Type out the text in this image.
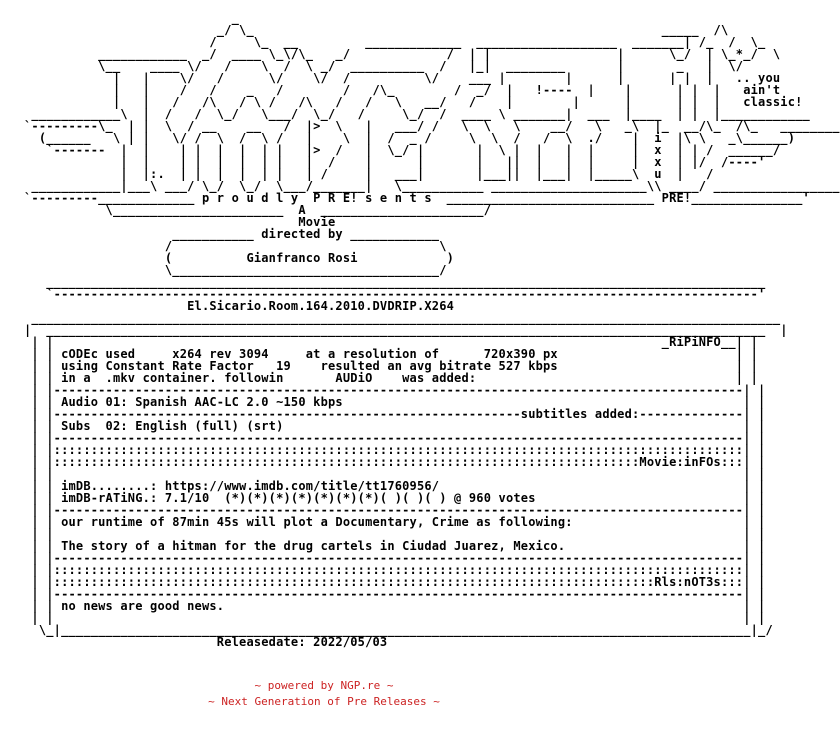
_
_/ \_                                                       _____  /\
/     \_  __         _____________  ___________________  _______| /_  /  \_
____________  _/  ____ \_\/\_   _/             /  | |                 |      \_/  | \_*_/  \
\__    ____ \/   /    \  /  \ _/  __________  /   |_|  ________       |       _   |  \/
|   |    \/   /      \/    \/  /          \/    ___ |        |      |      | |  |   .. you
|   |    /   /    _   /        /   /\_        /  _/  |   !----  |    |      | |  |   ain't
|   |   /   /\   / \ /   /\   /   /   \   __/   /    |        |      |      | |  |   classic!
____________\  |  /   /  \_/   \___/  \_/   /     \_/  /  ____ \ _______|  ___  |____  | |  |____________
`---------\_  | |  \  / __    __   /  |>  \   |   ___/ /   \  \   \    __/   \   _\  |_  __/\_  /\_   ________
(______   \ | |   \/ /  \  /  \ /   |    \  |  /  _ /     \  \  /   /  \  ./    |  i  |\ \   _\______)
`-------  |  |    | |  |  |  | |   |>  /   |  \_/ |       |  \ |  |   |  |     |  x  | | /  ______/
|  |    | |  |  |  | |   |  /    |      |       |   ||  |   |  |     |  x  | |/  /----'
|  |:.  | |  |  |  | |   | /     |   ___|       |___||  |___|  |_____\  u  |   /
____________|___\ ___/ \_/  \_/  \___/_______|   \___________ _____________________\\ ____/ _________________
`---------_____________ p r o u d l y  P R E! s e n t s  ____________________________ PRE!_______________'
\_______________________  A  ______________________/
Movie
___________ directed by ____________
/                                    \
(          Gianfranco Rosi            )
\____________________________________/
_________________________________________________________________________________________________
`-----------------------------------------------------------------------------------------------'
El.Sicario.Room.164.2010.DVDRIP.X264
_____________________________________________________________________________________________________
|  _________________________________________________________________________________________________  |
| |                                                                                  _RiPiNFO__| |
| | cODEc used     x264 rev 3094     at a resolution of      720x390 px                        | |
| | using Constant Rate Factor   19    resulted an avg bitrate 527 kbps                        | |
| | in a  .mkv container. followin       AUDiO    was added:                                   | |
| |---------------------------------------------------------------------------------------------| |
| | Audio 01: Spanish AAC-LC 2.0 ~150 kbps                                                      | |
| |---------------------------------------------------------------subtitles added:--------------| |
| | Subs  02: English (full) (srt)                                                              | |
| |---------------------------------------------------------------------------------------------| |
| |:::::::::::::::::::::::::::::::::::::::::::::::::::::::::::::::::::::::::::::::::::::::::::::| |
| |:::::::::::::::::::::::::::::::::::::::::::::::::::::::::::::::::::::::::::::::Movie:inFOs:::| |
| |                                                                                             | |
| | imDB........: https://www.imdb.com/title/tt1760956/                                         | |
| | imDB-rATiNG.: 7.1/10  (*)(*)(*)(*)(*)(*)(*)( )( )( ) @ 960 votes                            | |
| |---------------------------------------------------------------------------------------------| |
| | our runtime of 87min 45s will plot a Documentary, Crime as following:                       | |
| |                                                                                             | |
| | The story of a hitman for the drug cartels in Ciudad Juarez, Mexico.                        | |
| |---------------------------------------------------------------------------------------------| |
| |:::::::::::::::::::::::::::::::::::::::::::::::::::::::::::::::::::::::::::::::::::::::::::::| |
| |:::::::::::::::::::::::::::::::::::::::::::::::::::::::::::::::::::::::::::::::::Rls:nOT3s:::| |
| |---------------------------------------------------------------------------------------------| |
| | no news are good news.                                                                      | |
| |                                                                                             | |
\_|_____________________________________________________________________________________________|_/
Releasedate: 2022/05/03
~ powered by NGP.re ~
~ Next Generation of Pre Releases ~
